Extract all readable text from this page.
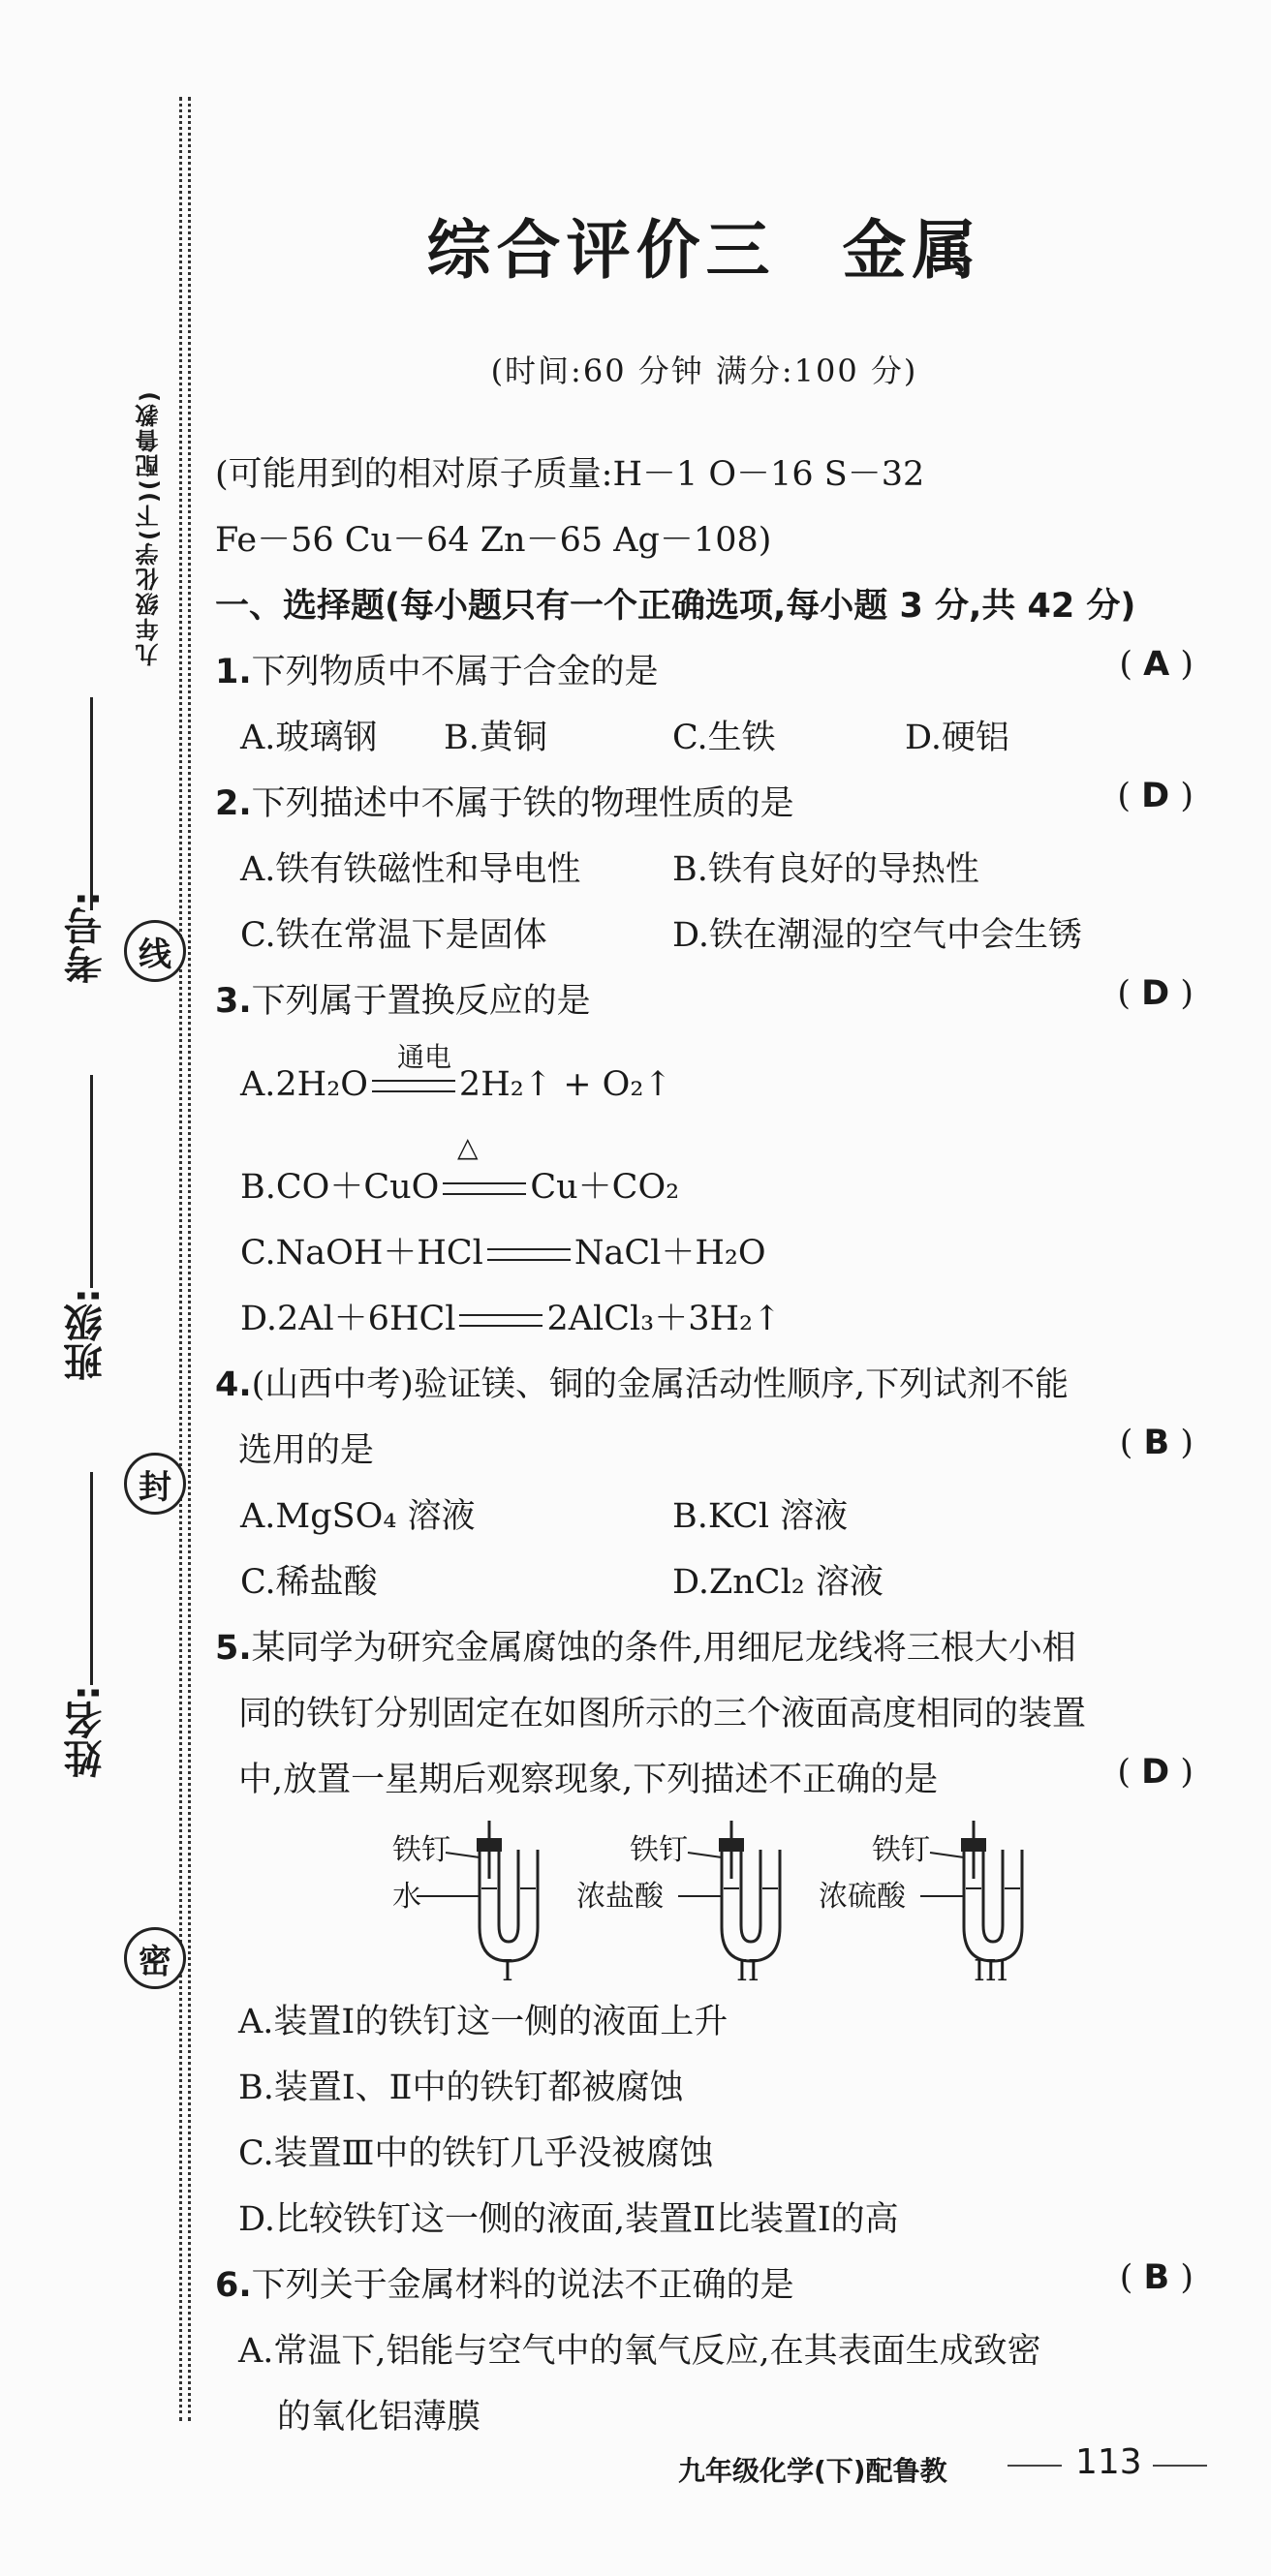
九年级化学(下)(配鲁教)
考号:
班级:
姓名:
线
封
密
综合评价三 金属
(时间:60 分钟 满分:100 分)
(可能用到的相对原子质量:H－1 O－16 S－32
Fe－56 Cu－64 Zn－65 Ag－108)
一、选择题(每小题只有一个正确选项,每小题 3 分,共 42 分)
1.下列物质中不属于合金的是	( A )
A.玻璃钢 B.黄铜	C.生铁	D.硬铝
2.下列描述中不属于铁的物理性质的是	( D )
A.铁有铁磁性和导电性	B.铁有良好的导热性
C.铁在常温下是固体	D.铁在潮湿的空气中会生锈
3.下列属于置换反应的是	( D )
通电
A.2H₂O	2H₂↑ + O₂↑
△
B.CO＋CuO	Cu＋CO₂
C.NaOH＋HCl	NaCl＋H₂O
D.2Al＋6HCl	2AlCl₃＋3H₂↑
4.(山西中考)验证镁、铜的金属活动性顺序,下列试剂不能
选用的是	( B )
A.MgSO₄ 溶液	B.KCl 溶液
C.稀盐酸	D.ZnCl₂ 溶液
5.某同学为研究金属腐蚀的条件,用细尼龙线将三根大小相
同的铁钉分别固定在如图所示的三个液面高度相同的装置
中,放置一星期后观察现象,下列描述不正确的是	( D )
铁钉
水
I
铁钉
浓盐酸
II
铁钉
浓硫酸
III
A.装置Ⅰ的铁钉这一侧的液面上升
B.装置Ⅰ、Ⅱ中的铁钉都被腐蚀
C.装置Ⅲ中的铁钉几乎没被腐蚀
D.比较铁钉这一侧的液面,装置Ⅱ比装置Ⅰ的高
6.下列关于金属材料的说法不正确的是	( B )
A.常温下,铝能与空气中的氧气反应,在其表面生成致密
的氧化铝薄膜
九年级化学(下)配鲁教	113
